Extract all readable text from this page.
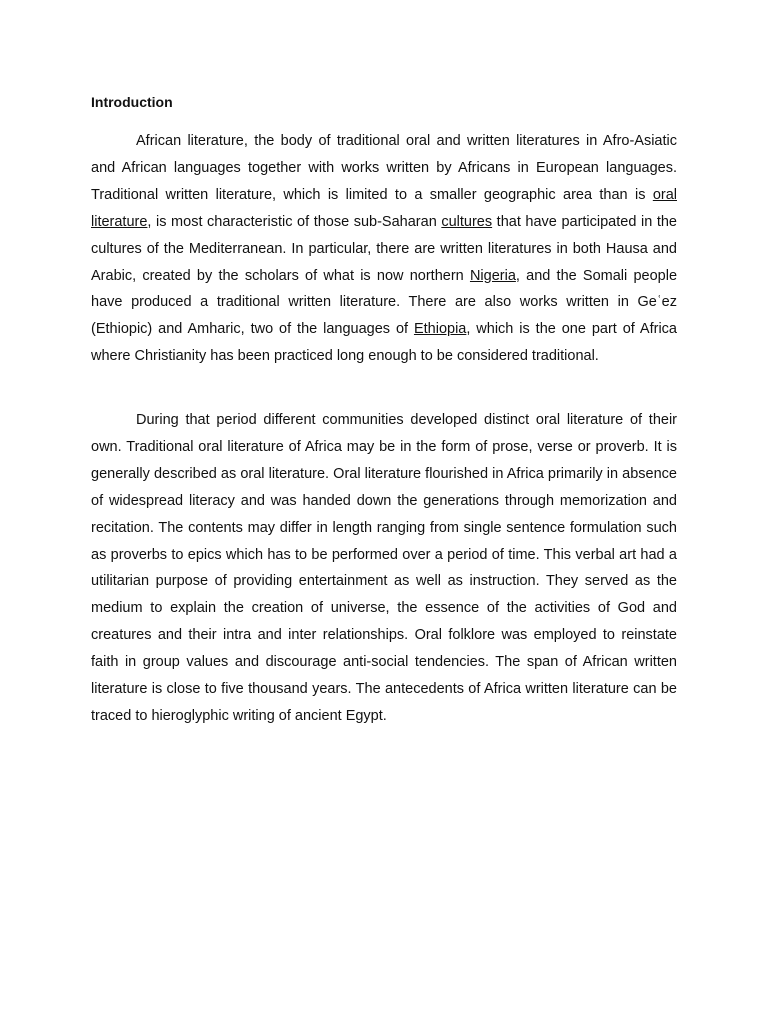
Introduction

African literature, the body of traditional oral and written literatures in Afro-Asiatic and African languages together with works written by Africans in European languages. Traditional written literature, which is limited to a smaller geographic area than is oral literature, is most characteristic of those sub-Saharan cultures that have participated in the cultures of the Mediterranean. In particular, there are written literatures in both Hausa and Arabic, created by the scholars of what is now northern Nigeria, and the Somali people have produced a traditional written literature. There are also works written in Geʿez (Ethiopic) and Amharic, two of the languages of Ethiopia, which is the one part of Africa where Christianity has been practiced long enough to be considered traditional.

During that period different communities developed distinct oral literature of their own. Traditional oral literature of Africa may be in the form of prose, verse or proverb. It is generally described as oral literature. Oral literature flourished in Africa primarily in absence of widespread literacy and was handed down the generations through memorization and recitation. The contents may differ in length ranging from single sentence formulation such as proverbs to epics which has to be performed over a period of time. This verbal art had a utilitarian purpose of providing entertainment as well as instruction. They served as the medium to explain the creation of universe, the essence of the activities of God and creatures and their intra and inter relationships. Oral folklore was employed to reinstate faith in group values and discourage anti-social tendencies. The span of African written literature is close to five thousand years. The antecedents of Africa written literature can be traced to hieroglyphic writing of ancient Egypt.
